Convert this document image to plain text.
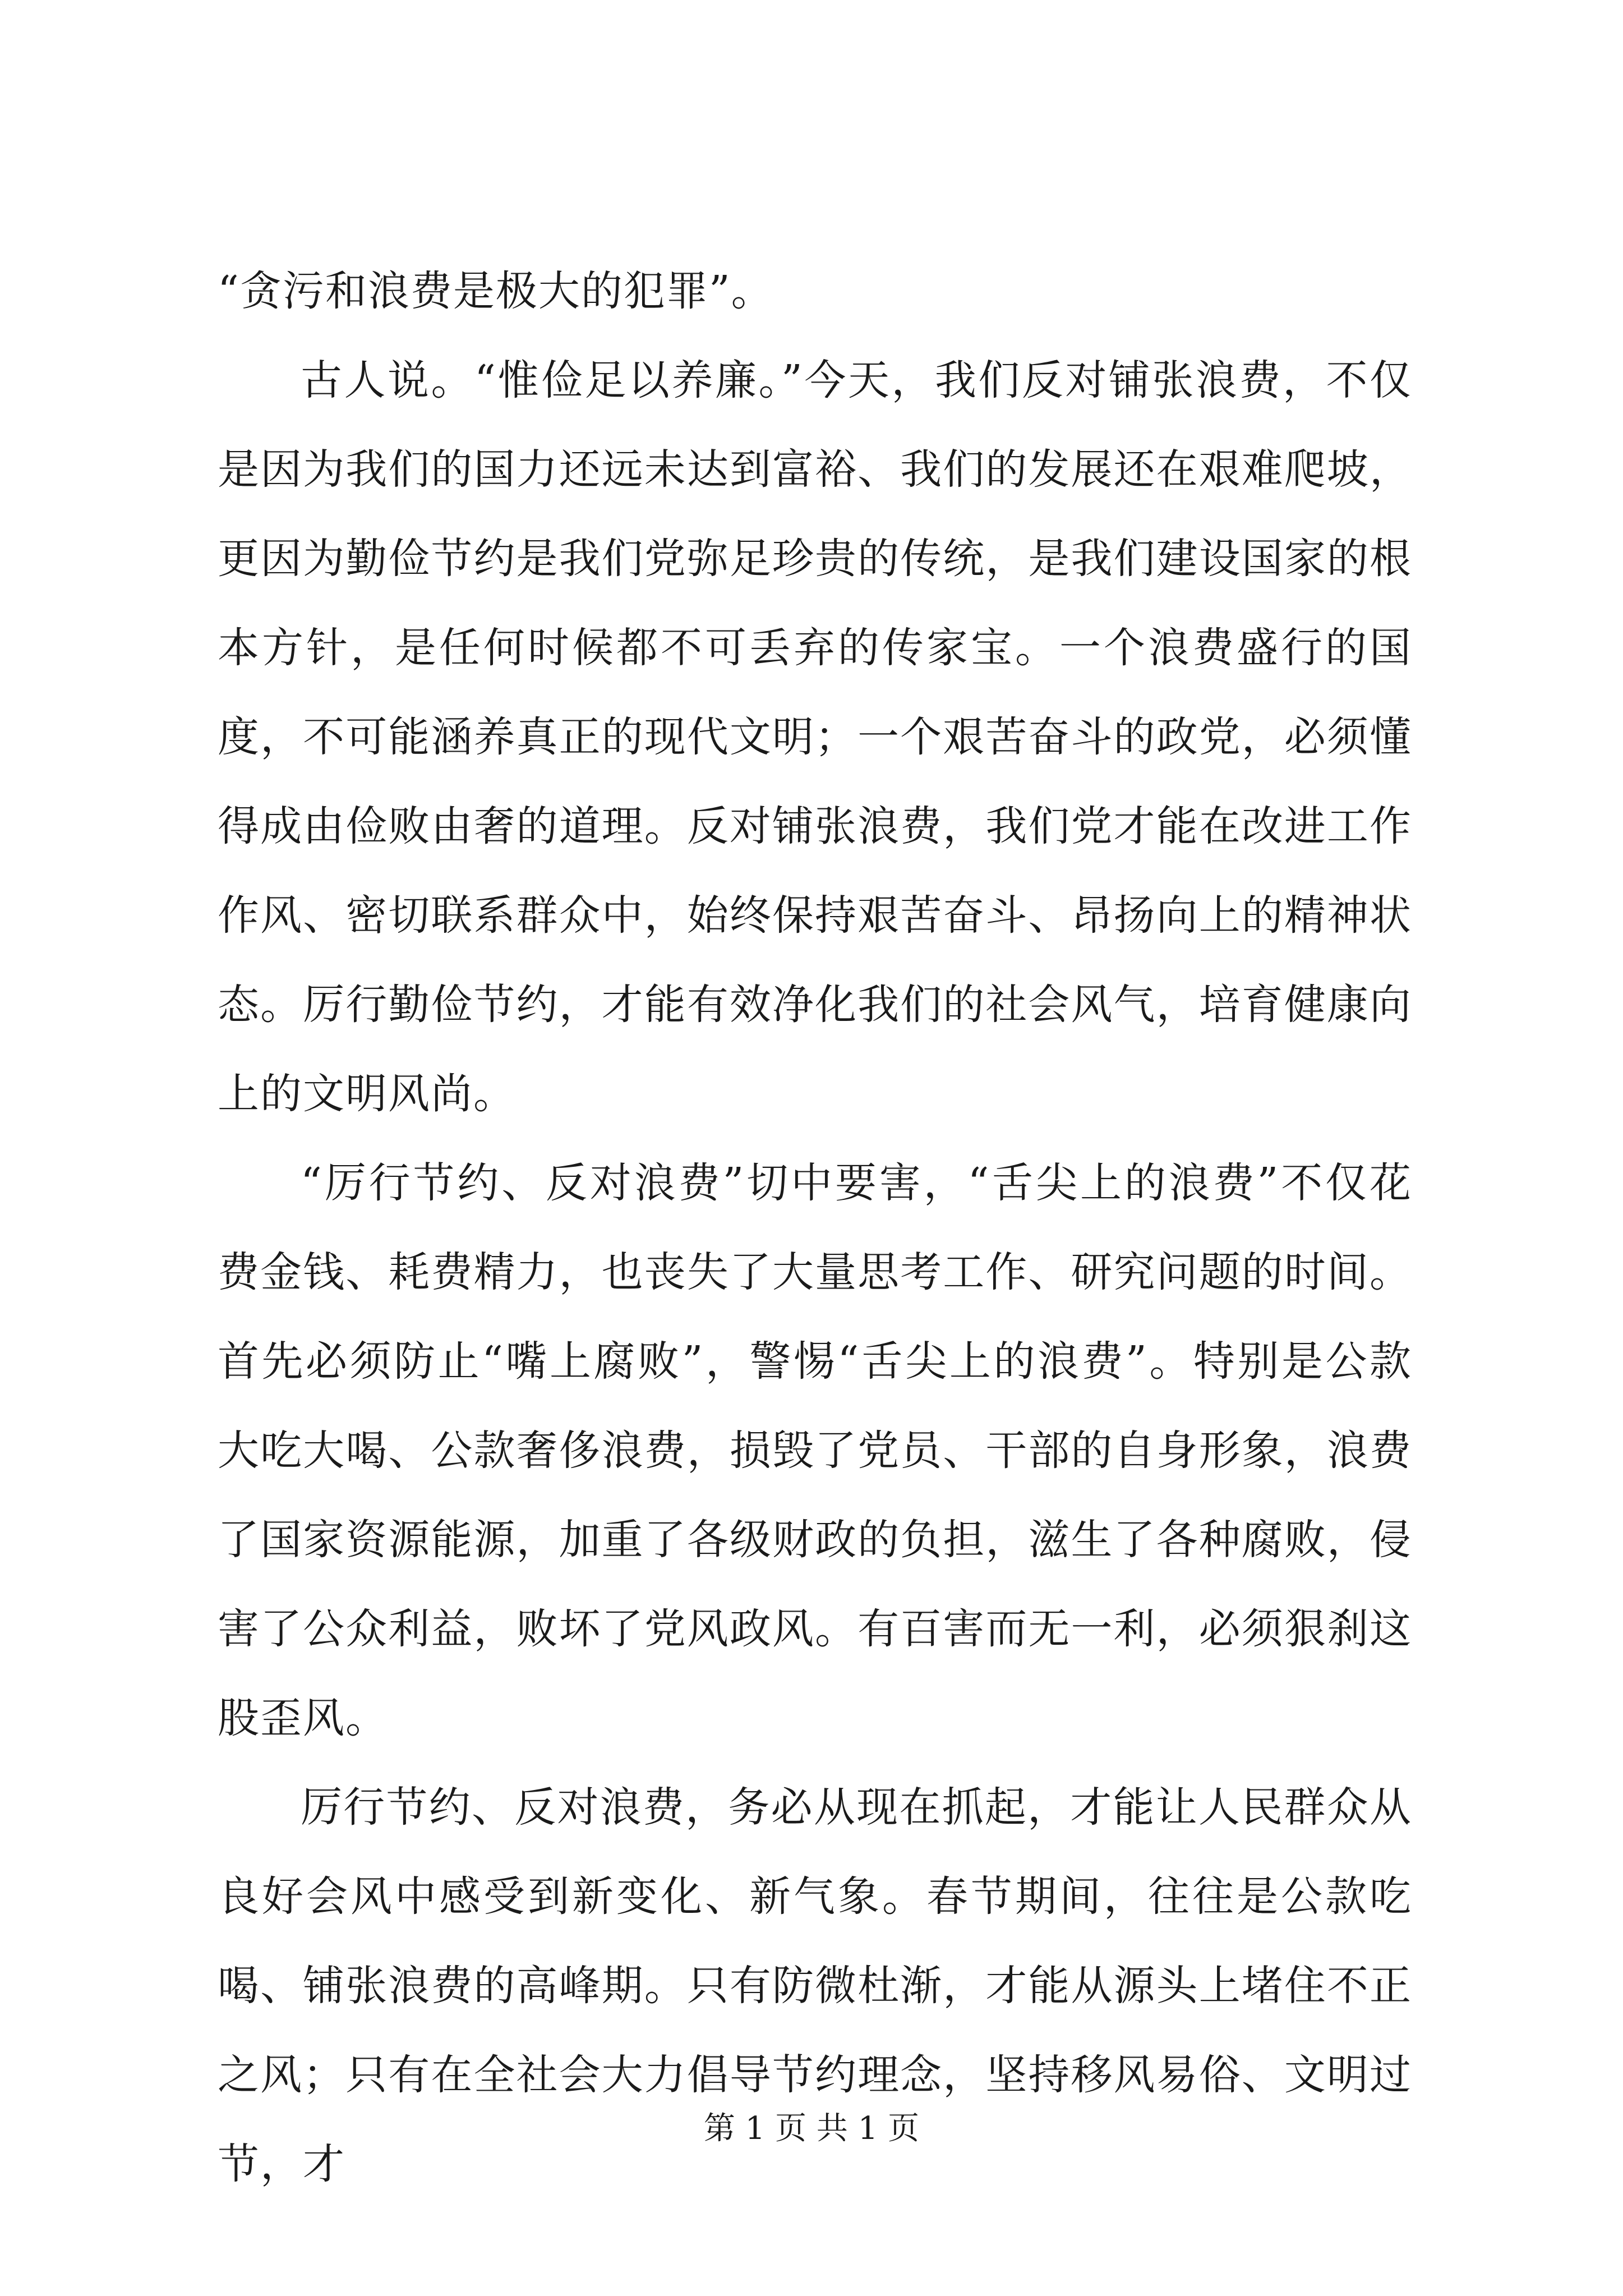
“贪污和浪费是极大的犯罪”。

古人说。“惟俭足以养廉。”今天，我们反对铺张浪费，不仅是因为我们的国力还远未达到富裕、我们的发展还在艰难爬坡，更因为勤俭节约是我们党弥足珍贵的传统，是我们建设国家的根本方针，是任何时候都不可丢弃的传家宝。一个浪费盛行的国度，不可能涵养真正的现代文明；一个艰苦奋斗的政党，必须懂得成由俭败由奢的道理。反对铺张浪费，我们党才能在改进工作作风、密切联系群众中，始终保持艰苦奋斗、昂扬向上的精神状态。厉行勤俭节约，才能有效净化我们的社会风气，培育健康向上的文明风尚。

“厉行节约、反对浪费”切中要害，“舌尖上的浪费”不仅花费金钱、耗费精力，也丧失了大量思考工作、研究问题的时间。首先必须防止“嘴上腐败”，警惕“舌尖上的浪费”。特别是公款大吃大喝、公款奢侈浪费，损毁了党员、干部的自身形象，浪费了国家资源能源，加重了各级财政的负担，滋生了各种腐败，侵害了公众利益，败坏了党风政风。有百害而无一利，必须狠刹这股歪风。

厉行节约、反对浪费，务必从现在抓起，才能让人民群众从良好会风中感受到新变化、新气象。春节期间，往往是公款吃喝、铺张浪费的高峰期。只有防微杜渐，才能从源头上堵住不正之风；只有在全社会大力倡导节约理念，坚持移风易俗、文明过节，才

第 1 页 共 1 页
